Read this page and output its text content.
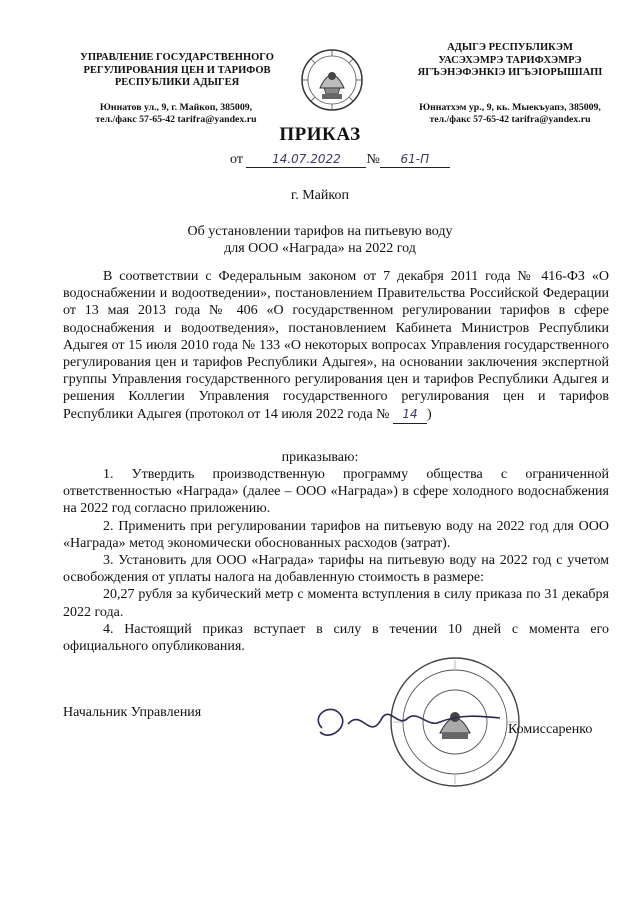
УПРАВЛЕНИЕ ГОСУДАРСТВЕННОГО
РЕГУЛИРОВАНИЯ ЦЕН И ТАРИФОВ
РЕСПУБЛИКИ АДЫГЕЯ
Юннатов ул., 9, г. Майкоп, 385009,
тел./факс 57-65-42 tarifra@yandex.ru
АДЫГЭ РЕСПУБЛИКЭМ
УАСЭХЭМРЭ ТАРИФХЭМРЭ
ЯГЪЭНЭФЭНКІЭ ИГЪЭІОРЫШІАПІ
Юннатхэм ур., 9, кь. Мыекъуапэ, 385009,
тел./факс 57-65-42 tarifra@yandex.ru
ПРИКАЗ
от 14.07.2022 № 61-П
г. Майкоп
Об установлении тарифов на питьевую воду
для ООО «Награда» на 2022 год

В соответствии с Федеральным законом от 7 декабря 2011 года № 416-ФЗ «О водоснабжении и водоотведении», постановлением Правительства Российской Федерации от 13 мая 2013 года № 406 «О государственном регулировании тарифов в сфере водоснабжения и водоотведения», постановлением Кабинета Министров Республики Адыгея от 15 июля 2010 года № 133 «О некоторых вопросах Управления государственного регулирования цен и тарифов Республики Адыгея», на основании заключения экспертной группы Управления государственного регулирования цен и тарифов Республики Адыгея и решения Коллегии Управления государственного регулирования цен и тарифов Республики Адыгея (протокол от 14 июля 2022 года № 14 )

приказываю:

1. Утвердить производственную программу общества с ограниченной ответственностью «Награда» (далее – ООО «Награда») в сфере холодного водоснабжения на 2022 год согласно приложению.

2. Применить при регулировании тарифов на питьевую воду на 2022 год для ООО «Награда» метод экономически обоснованных расходов (затрат).

3. Установить для ООО «Награда» тарифы на питьевую воду на 2022 год с учетом освобождения от уплаты налога на добавленную стоимость в размере:

20,27 рубля за кубический метр с момента вступления в силу приказа по 31 декабря 2022 года.

4. Настоящий приказ вступает в силу в течении 10 дней с момента его официального опубликования.

Начальник Управления
Комиссаренко
